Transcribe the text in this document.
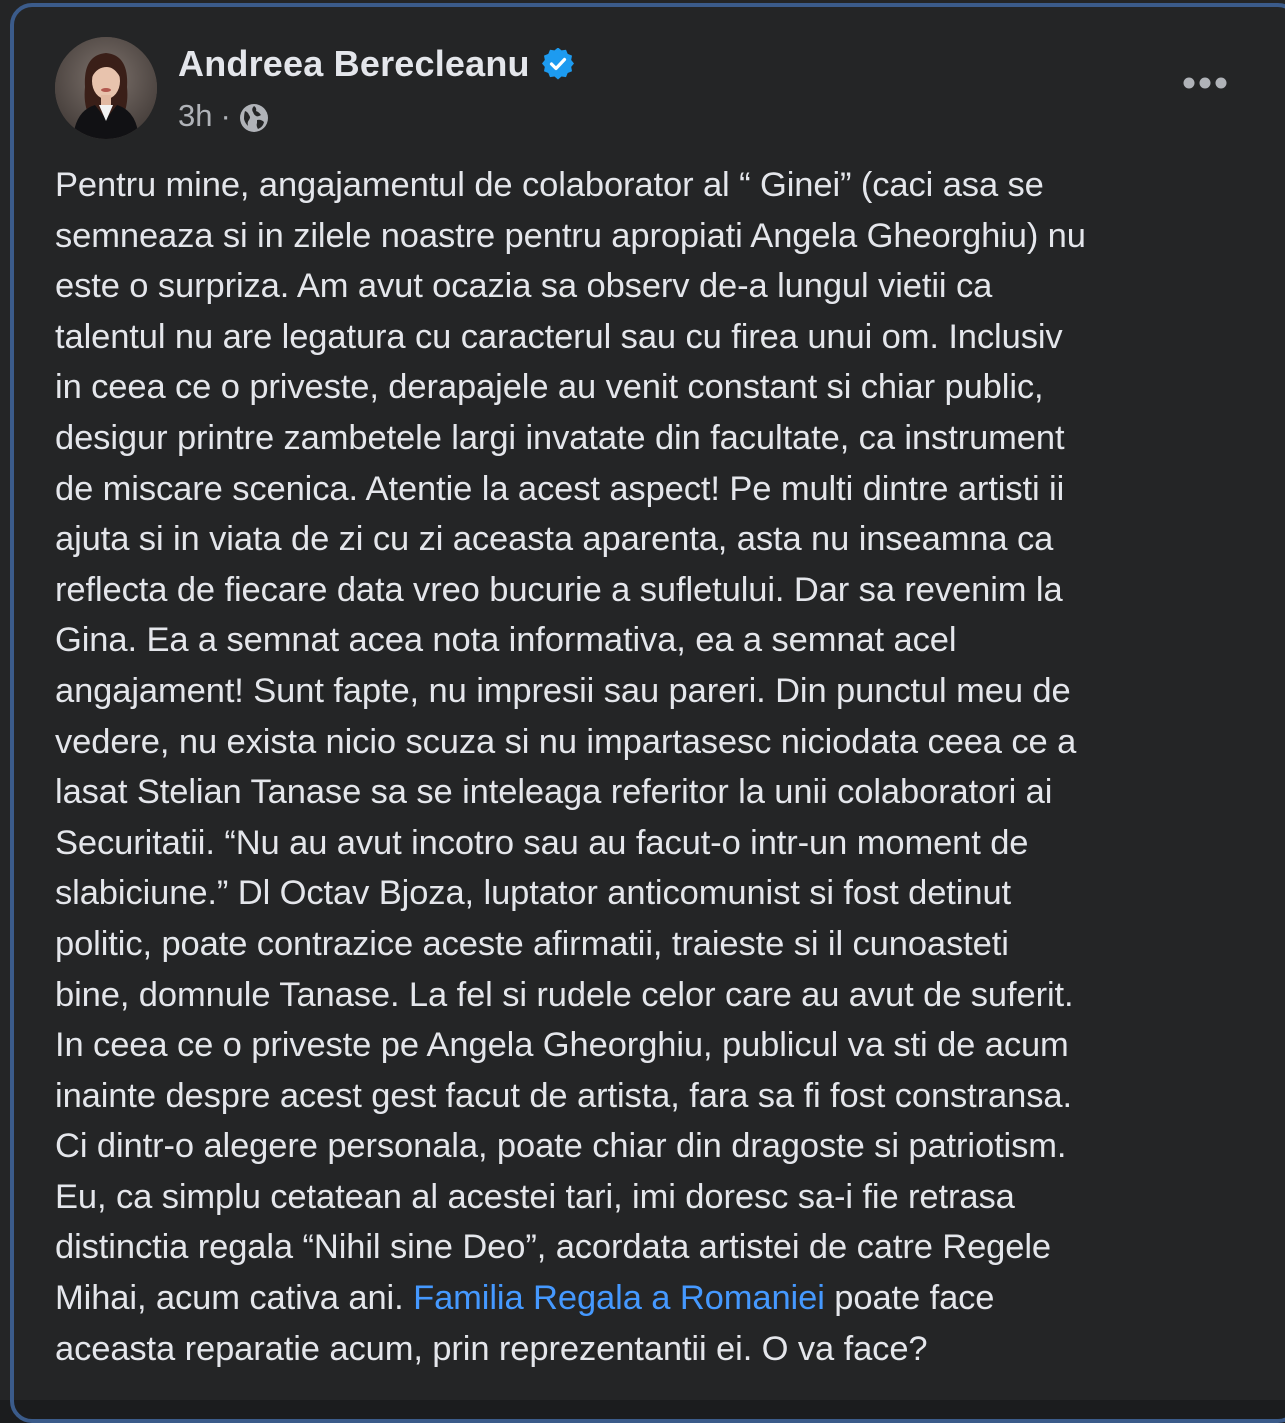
Andreea Berecleanu
3h ·
Pentru mine, angajamentul de colaborator al “ Ginei” (caci asa se
semneaza si in zilele noastre pentru apropiati Angela Gheorghiu) nu
este o surpriza. Am avut ocazia sa observ de-a lungul vietii ca
talentul nu are legatura cu caracterul sau cu firea unui om. Inclusiv
in ceea ce o priveste, derapajele au venit constant si chiar public,
desigur printre zambetele largi invatate din facultate, ca instrument
de miscare scenica. Atentie la acest aspect! Pe multi dintre artisti ii
ajuta si in viata de zi cu zi aceasta aparenta, asta nu inseamna ca
reflecta de fiecare data vreo bucurie a sufletului. Dar sa revenim la
Gina. Ea a semnat acea nota informativa, ea a semnat acel
angajament! Sunt fapte, nu impresii sau pareri. Din punctul meu de
vedere, nu exista nicio scuza si nu impartasesc niciodata ceea ce a
lasat Stelian Tanase sa se inteleaga referitor la unii colaboratori ai
Securitatii. “Nu au avut incotro sau au facut-o intr-un moment de
slabiciune.” Dl Octav Bjoza, luptator anticomunist si fost detinut
politic, poate contrazice aceste afirmatii, traieste si il cunoasteti
bine, domnule Tanase. La fel si rudele celor care au avut de suferit.
In ceea ce o priveste pe Angela Gheorghiu, publicul va sti de acum
inainte despre acest gest facut de artista, fara sa fi fost constransa.
Ci dintr-o alegere personala, poate chiar din dragoste si patriotism.
Eu, ca simplu cetatean al acestei tari, imi doresc sa-i fie retrasa
distinctia regala “Nihil sine Deo”, acordata artistei de catre Regele
Mihai, acum cativa ani. Familia Regala a Romaniei poate face
aceasta reparatie acum, prin reprezentantii ei. O va face?
